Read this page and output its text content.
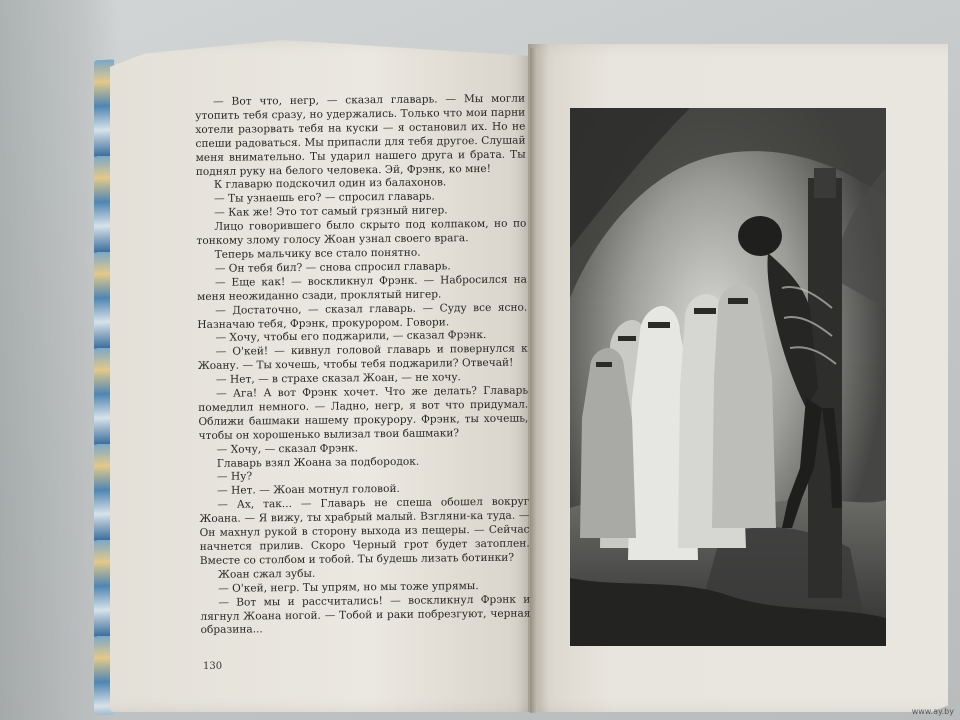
— Вот что, негр, — сказал главарь. — Мы могли утопить тебя сразу, но удержались. Только что мои парни хотели разорвать тебя на куски — я остановил их. Но не спеши радоваться. Мы припасли для тебя другое. Слушай меня внимательно. Ты ударил нашего друга и брата. Ты поднял руку на белого человека. Эй, Фрэнк, ко мне!

К главарю подскочил один из балахонов.

— Ты узнаешь его? — спросил главарь.

— Как же! Это тот самый грязный нигер.

Лицо говорившего было скрыто под колпаком, но по тонкому злому голосу Жоан узнал своего врага.

Теперь мальчику все стало понятно.

— Он тебя бил? — снова спросил главарь.

— Еще как! — воскликнул Фрэнк. — Набросился на меня неожиданно сзади, проклятый нигер.

— Достаточно, — сказал главарь. — Суду все ясно. Назначаю тебя, Фрэнк, прокурором. Говори.

— Хочу, чтобы его поджарили, — сказал Фрэнк.

— О'кей! — кивнул головой главарь и повернулся к Жоану. — Ты хочешь, чтобы тебя поджарили? Отвечай!

— Нет, — в страхе сказал Жоан, — не хочу.

— Ага! А вот Фрэнк хочет. Что же делать? Главарь помедлил немного. — Ладно, негр, я вот что придумал. Оближи башмаки нашему прокурору. Фрэнк, ты хочешь, чтобы он хорошенько вылизал твои башмаки?

— Хочу, — сказал Фрэнк.

Главарь взял Жоана за подбородок.

— Ну?

— Нет. — Жоан мотнул головой.

— Ах, так... — Главарь не спеша обошел вокруг Жоана. — Я вижу, ты храбрый малый. Взгляни-ка туда. — Он махнул рукой в сторону выхода из пещеры. — Сейчас начнется прилив. Скоро Черный грот будет затоплен. Вместе со столбом и тобой. Ты будешь лизать ботинки?

Жоан сжал зубы.

— О'кей, негр. Ты упрям, но мы тоже упрямы.

— Вот мы и рассчитались! — воскликнул Фрэнк и лягнул Жоана ногой. — Тобой и раки побрезгуют, черная образина...

130
www.ay.by
